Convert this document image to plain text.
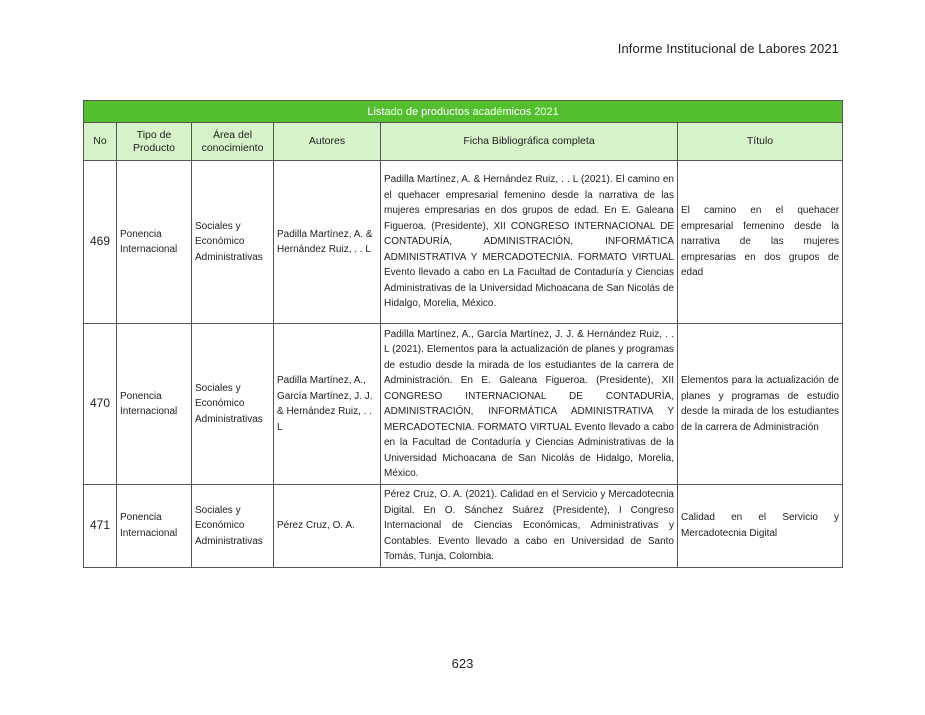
Informe Institucional de Labores 2021
Listado de productos académicos 2021					
No	Tipo de Producto	Área del conocimiento	Autores	Ficha Bibliográfica completa	Título
469	Ponencia Internacional	Sociales y Económico Administrativas	Padilla Martínez, A. & Hernández Ruiz, . . L	Padilla Martínez, A. & Hernández Ruiz, . . L (2021). El camino en el quehacer empresarial femenino desde la narrativa de las mujeres empresarias en dos grupos de edad. En E. Galeana Figueroa. (Presidente), XII CONGRESO INTERNACIONAL DE CONTADURÍA, ADMINISTRACIÓN, INFORMÁTICA ADMINISTRATIVA Y MERCADOTECNIA. FORMATO VIRTUAL Evento llevado a cabo en La Facultad de Contaduría y Ciencias Administrativas de la Universidad Michoacana de San Nicolás de Hidalgo, Morelia, México.	El camino en el quehacer empresarial femenino desde la narrativa de las mujeres empresarias en dos grupos de edad
470	Ponencia Internacional	Sociales y Económico Administrativas	Padilla Martínez, A., García Martínez, J. J. & Hernández Ruiz, . . L	Padilla Martínez, A., García Martínez, J. J. & Hernández Ruiz, . . L (2021). Elementos para la actualización de planes y programas de estudio desde la mirada de los estudiantes de la carrera de Administración. En E. Galeana Figueroa. (Presidente), XII CONGRESO INTERNACIONAL DE CONTADURÍA, ADMINISTRACIÓN, INFORMÁTICA ADMINISTRATIVA Y MERCADOTECNIA. FORMATO VIRTUAL Evento llevado a cabo en la Facultad de Contaduría y Ciencias Administrativas de la Universidad Michoacana de San Nicolás de Hidalgo, Morelia, México.	Elementos para la actualización de planes y programas de estudio desde la mirada de los estudiantes de la carrera de Administración
471	Ponencia Internacional	Sociales y Económico Administrativas	Pérez Cruz, O. A.	Pérez Cruz, O. A. (2021). Calidad en el Servicio y Mercadotecnia Digital. En O. Sánchez Suárez (Presidente), I Congreso Internacional de Ciencias Económicas, Administrativas y Contables. Evento llevado a cabo en Universidad de Santo Tomás, Tunja, Colombia.	Calidad en el Servicio y Mercadotecnia Digital
623
